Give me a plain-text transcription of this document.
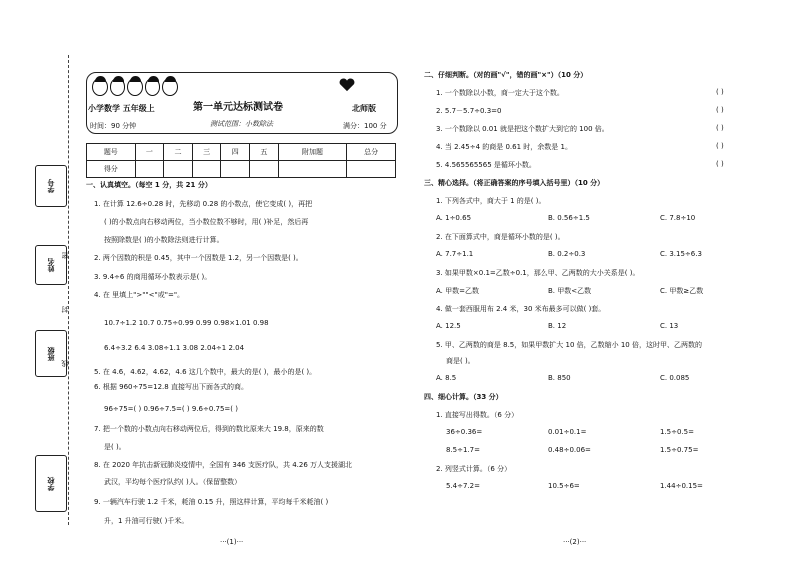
学号
姓名
班级
学校
密
封
线
小学数学 五年级上	第一单元达标测试卷	北师版
时间：90 分钟	测试范围：小数除法	满分：100 分
题号	一	二	三	四	五	附加题	总分
得分							
一、认真填空。（每空 1 分，共 21 分）
1. 在计算 12.6÷0.28 时，先移动 0.28 的小数点，使它变成( )，再把
( )的小数点向右移动两位，当小数位数不够时，用( )补足，然后再
按照除数是( )的小数除法则进行计算。
2. 两个因数的积是 0.45，其中一个因数是 1.2，另一个因数是( )。
3. 9.4÷6 的商用循环小数表示是( )。
4. 在 里填上">""<"或"="。
10.7÷1.2 10.7 0.75÷0.99 0.99 0.98×1.01 0.98
6.4÷3.2 6.4 3.08÷1.1 3.08 2.04÷1 2.04
5. 在 4.6，4.62，4.62，4.6 这几个数中，最大的是( )，最小的是( )。
6. 根据 960÷75=12.8 直接写出下面各式的商。
96÷75=( ) 0.96÷7.5=( ) 9.6÷0.75=( )
7. 把一个数的小数点向右移动两位后，得到的数比原来大 19.8，原来的数
是( )。
8. 在 2020 年抗击新冠肺炎疫情中，全国有 346 支医疗队，共 4.26 万人支援湖北
武汉，平均每个医疗队约( )人。（保留整数）
9. 一辆汽车行驶 1.2 千米，耗油 0.15 升，照这样计算，平均每千米耗油( )
升，1 升油可行驶( )千米。
二、仔细判断。（对的画"√"，错的画"×"）（10 分）
1. 一个数除以小数，商一定大于这个数。	( )
2. 5.7－5.7÷0.3=0	( )
3. 一个数除以 0.01 就是把这个数扩大到它的 100 倍。	( )
4. 当 2.45÷4 的商是 0.61 时，余数是 1。	( )
5. 4.565565565 是循环小数。	( )
三、精心选择。（将正确答案的序号填入括号里）（10 分）
1. 下列各式中，商大于 1 的是( )。
A. 1÷0.65	B. 0.56÷1.5	C. 7.8÷10
2. 在下面算式中，商是循环小数的是( )。
A. 7.7÷1.1	B. 0.2÷0.3	C. 3.15÷6.3
3. 如果甲数×0.1=乙数÷0.1，那么甲、乙两数的大小关系是( )。
A. 甲数=乙数	B. 甲数<乙数	C. 甲数≥乙数
4. 做一套西服用布 2.4 米，30 米布最多可以做( )套。
A. 12.5	B. 12	C. 13
5. 甲、乙两数的商是 8.5，如果甲数扩大 10 倍，乙数缩小 10 倍，这时甲、乙两数的
商是( )。
A. 8.5	B. 850	C. 0.085
四、细心计算。（33 分）
1. 直接写出得数。（6 分）
36÷0.36=	0.01÷0.1=	1.5÷0.5=
8.5÷1.7=	0.48÷0.06=	1.5÷0.75=
2. 列竖式计算。（6 分）
5.4÷7.2=	10.5÷6=	1.44÷0.15=
···(1)···	···(2)···
